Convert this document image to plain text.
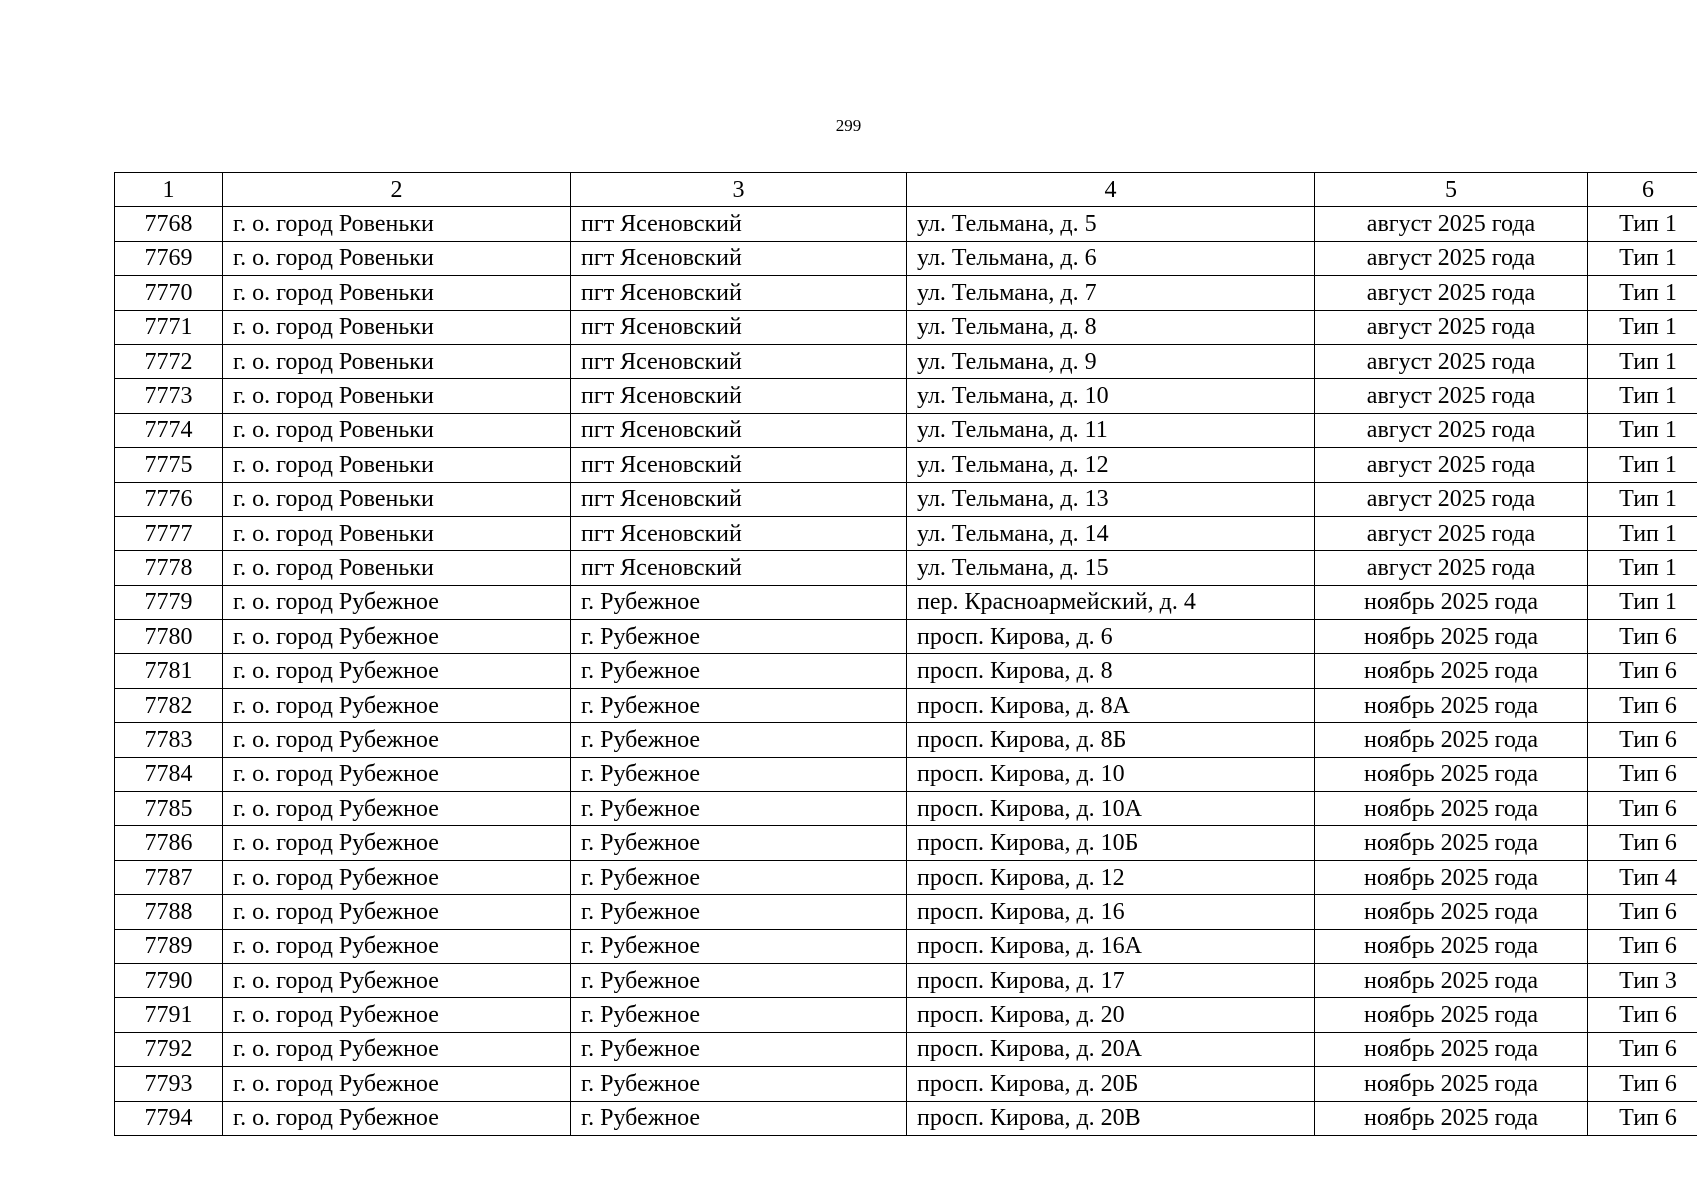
299
1	2	3	4	5	6
7768	г. о. город Ровеньки	пгт Ясеновский	ул. Тельмана, д. 5	август 2025 года	Тип 1
7769	г. о. город Ровеньки	пгт Ясеновский	ул. Тельмана, д. 6	август 2025 года	Тип 1
7770	г. о. город Ровеньки	пгт Ясеновский	ул. Тельмана, д. 7	август 2025 года	Тип 1
7771	г. о. город Ровеньки	пгт Ясеновский	ул. Тельмана, д. 8	август 2025 года	Тип 1
7772	г. о. город Ровеньки	пгт Ясеновский	ул. Тельмана, д. 9	август 2025 года	Тип 1
7773	г. о. город Ровеньки	пгт Ясеновский	ул. Тельмана, д. 10	август 2025 года	Тип 1
7774	г. о. город Ровеньки	пгт Ясеновский	ул. Тельмана, д. 11	август 2025 года	Тип 1
7775	г. о. город Ровеньки	пгт Ясеновский	ул. Тельмана, д. 12	август 2025 года	Тип 1
7776	г. о. город Ровеньки	пгт Ясеновский	ул. Тельмана, д. 13	август 2025 года	Тип 1
7777	г. о. город Ровеньки	пгт Ясеновский	ул. Тельмана, д. 14	август 2025 года	Тип 1
7778	г. о. город Ровеньки	пгт Ясеновский	ул. Тельмана, д. 15	август 2025 года	Тип 1
7779	г. о. город Рубежное	г. Рубежное	пер. Красноармейский, д. 4	ноябрь 2025 года	Тип 1
7780	г. о. город Рубежное	г. Рубежное	просп. Кирова, д. 6	ноябрь 2025 года	Тип 6
7781	г. о. город Рубежное	г. Рубежное	просп. Кирова, д. 8	ноябрь 2025 года	Тип 6
7782	г. о. город Рубежное	г. Рубежное	просп. Кирова, д. 8А	ноябрь 2025 года	Тип 6
7783	г. о. город Рубежное	г. Рубежное	просп. Кирова, д. 8Б	ноябрь 2025 года	Тип 6
7784	г. о. город Рубежное	г. Рубежное	просп. Кирова, д. 10	ноябрь 2025 года	Тип 6
7785	г. о. город Рубежное	г. Рубежное	просп. Кирова, д. 10А	ноябрь 2025 года	Тип 6
7786	г. о. город Рубежное	г. Рубежное	просп. Кирова, д. 10Б	ноябрь 2025 года	Тип 6
7787	г. о. город Рубежное	г. Рубежное	просп. Кирова, д. 12	ноябрь 2025 года	Тип 4
7788	г. о. город Рубежное	г. Рубежное	просп. Кирова, д. 16	ноябрь 2025 года	Тип 6
7789	г. о. город Рубежное	г. Рубежное	просп. Кирова, д. 16А	ноябрь 2025 года	Тип 6
7790	г. о. город Рубежное	г. Рубежное	просп. Кирова, д. 17	ноябрь 2025 года	Тип 3
7791	г. о. город Рубежное	г. Рубежное	просп. Кирова, д. 20	ноябрь 2025 года	Тип 6
7792	г. о. город Рубежное	г. Рубежное	просп. Кирова, д. 20А	ноябрь 2025 года	Тип 6
7793	г. о. город Рубежное	г. Рубежное	просп. Кирова, д. 20Б	ноябрь 2025 года	Тип 6
7794	г. о. город Рубежное	г. Рубежное	просп. Кирова, д. 20В	ноябрь 2025 года	Тип 6
